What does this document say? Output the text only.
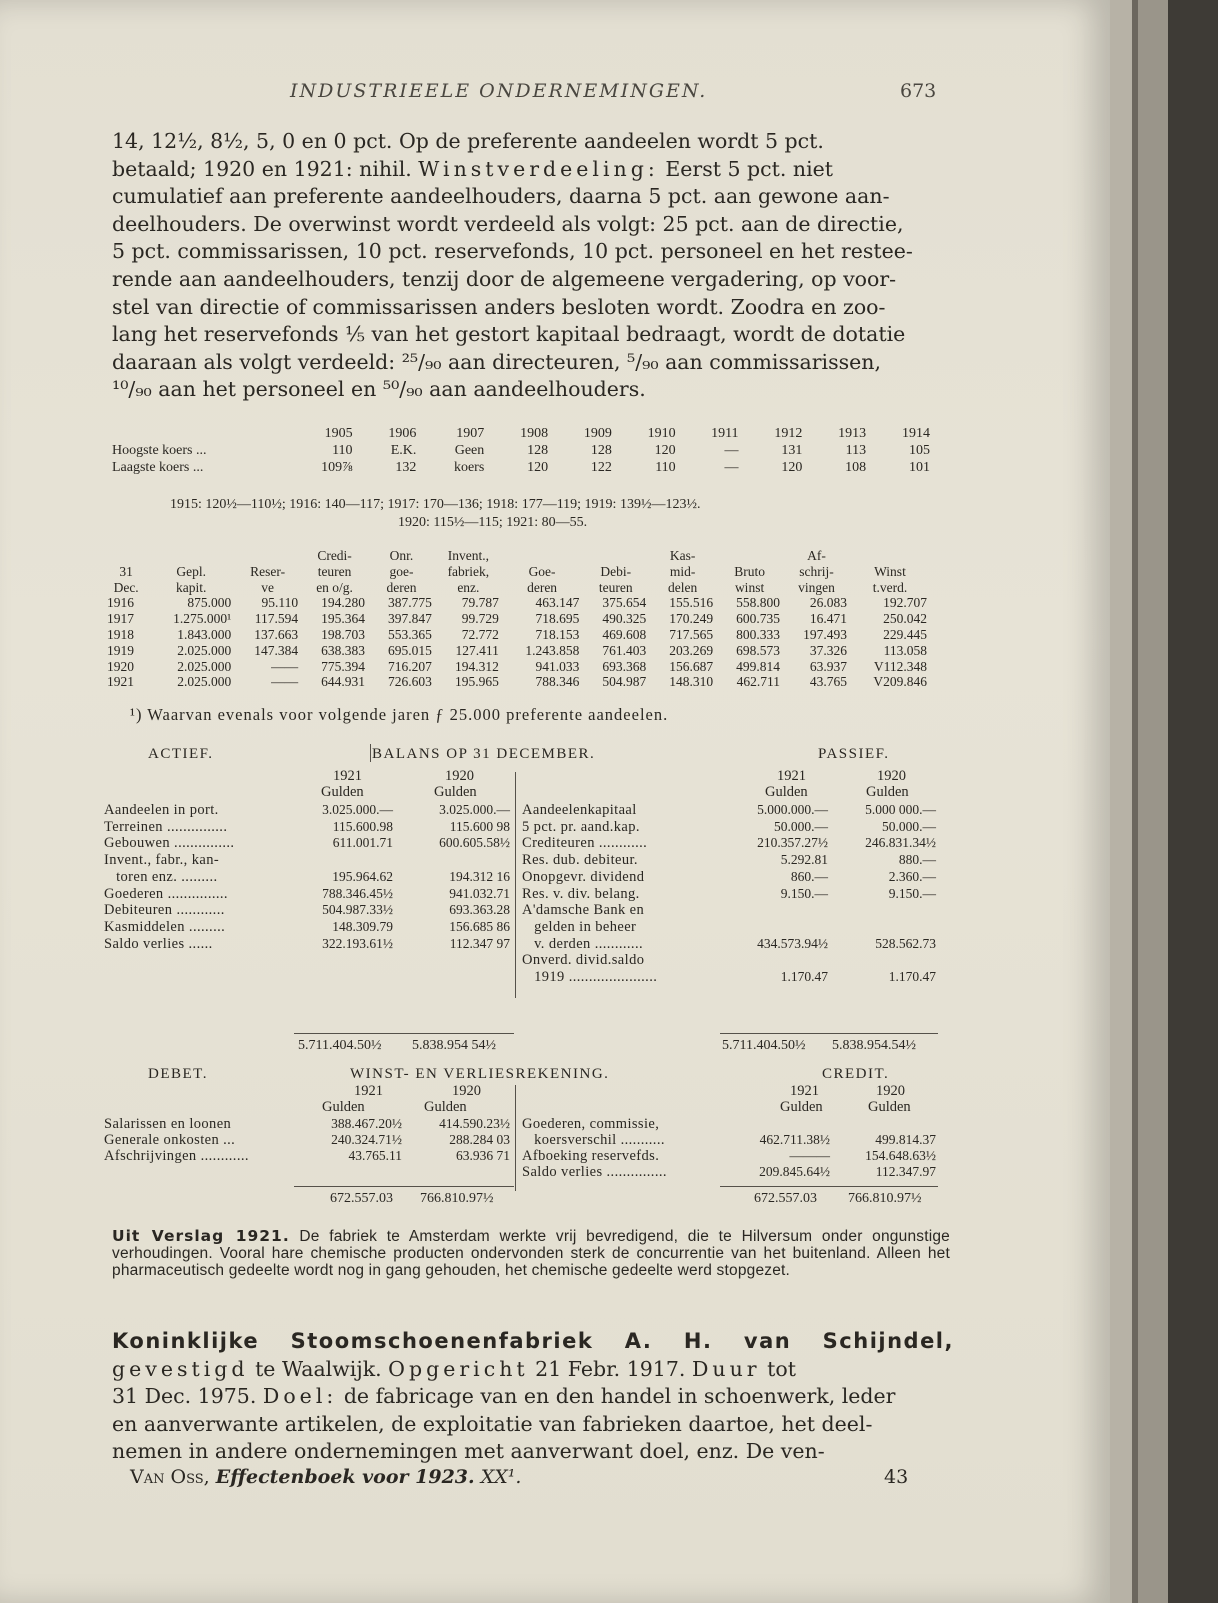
INDUSTRIEELE ONDERNEMINGEN.	673

14, 12½, 8½, 5, 0 en 0 pct. Op de preferente aandeelen wordt 5 pct.

betaald; 1920 en 1921: nihil. Winstverdeeling: Eerst 5 pct. niet

cumulatief aan preferente aandeelhouders, daarna 5 pct. aan gewone aan-

deelhouders. De overwinst wordt verdeeld als volgt: 25 pct. aan de directie,

5 pct. commissarissen, 10 pct. reservefonds, 10 pct. personeel en het restee-

rende aan aandeelhouders, tenzij door de algemeene vergadering, op voor-

stel van directie of commissarissen anders besloten wordt. Zoodra en zoo-

lang het reservefonds ⅕ van het gestort kapitaal bedraagt, wordt de dotatie

daaraan als volgt verdeeld: ²⁵/₉₀ aan directeuren, ⁵/₉₀ aan commissarissen,

¹⁰/₉₀ aan het personeel en ⁵⁰/₉₀ aan aandeelhouders.

	1905	1906	1907	1908	1909	1910	1911	1912	1913	1914
Hoogste koers ...	110	E.K.	Geen	128	128	120	—	131	113	105
Laagste koers ...	109⅞	132	koers	120	122	110	—	120	108	101
1915: 120½—110½; 1916: 140—117; 1917: 170—136; 1918: 177—119; 1919: 139½—123½.
1920: 115½—115; 1921: 80—55.
			Credi-	Onr.	Invent.,			Kas-		Af-	
31	Gepl.	Reser-	teuren	goe-	fabriek,	Goe-	Debi-	mid-	Bruto	schrij-	Winst
Dec.	kapit.	ve	en o/g.	deren	enz.	deren	teuren	delen	winst	vingen	t.verd.
1916	875.000	95.110	194.280	387.775	79.787	463.147	375.654	155.516	558.800	26.083	192.707
1917	1.275.000¹	117.594	195.364	397.847	99.729	718.695	490.325	170.249	600.735	16.471	250.042
1918	1.843.000	137.663	198.703	553.365	72.772	718.153	469.608	717.565	800.333	197.493	229.445
1919	2.025.000	147.384	638.383	695.015	127.411	1.243.858	761.403	203.269	698.573	37.326	113.058
1920	2.025.000	——	775.394	716.207	194.312	941.033	693.368	156.687	499.814	63.937	V112.348
1921	2.025.000	——	644.931	726.603	195.965	788.346	504.987	148.310	462.711	43.765	V209.846
¹) Waarvan evenals voor volgende jaren ƒ 25.000 preferente aandeelen.
ACTIEF.	BALANS OP 31 DECEMBER.	PASSIEF.
1921	1920
Gulden	Gulden
1921	1920
Gulden	Gulden
Aandeelen in port.	3.025.000.—	3.025.000.—
Terreinen ...............	115.600.98	115.600 98
Gebouwen ...............	611.001.71	600.605.58½
Invent., fabr., kan-
toren enz. .........	195.964.62	194.312 16
Goederen ...............	788.346.45½	941.032.71
Debiteuren ............	504.987.33½	693.363.28
Kasmiddelen .........	148.309.79	156.685 86
Saldo verlies ......	322.193.61½	112.347 97
Aandeelenkapitaal	5.000.000.—	5.000 000.—
5 pct. pr. aand.kap.	50.000.—	50.000.—
Crediteuren ............	210.357.27½	246.831.34½
Res. dub. debiteur.	5.292.81	880.—
Onopgevr. dividend	860.—	2.360.—
Res. v. div. belang.	9.150.—	9.150.—
A'damsche Bank en
gelden in beheer
v. derden ............	434.573.94½	528.562.73
Onverd. divid.saldo
1919 ......................	1.170.47	1.170.47
5.711.404.50½ 5.838.954 54½	5.711.404.50½ 5.838.954.54½
DEBET.	WINST- EN VERLIESREKENING.	CREDIT.
1921	1920
Gulden	Gulden
1921	1920
Gulden	Gulden
Salarissen en loonen	388.467.20½	414.590.23½
Generale onkosten ...	240.324.71½	288.284 03
Afschrijvingen ............	43.765.11	63.936 71
Goederen, commissie,
koersverschil ...........	462.711.38½	499.814.37
Afboeking reservefds.	———	154.648.63½
Saldo verlies ...............	209.845.64½	112.347.97
672.557.03 766.810.97½	672.557.03 766.810.97½
Uit Verslag 1921. De fabriek te Amsterdam werkte vrij bevredigend, die te Hilversum onder ongunstige verhoudingen. Vooral hare chemische producten ondervonden sterk de concurrentie van het buitenland. Alleen het pharmaceutisch gedeelte wordt nog in gang gehouden, het chemische gedeelte werd stopgezet.

Koninklijke Stoomschoenenfabriek A. H. van Schijndel, gevestigd te Waalwijk. Opgericht 21 Febr. 1917. Duur tot

31 Dec. 1975. Doel: de fabricage van en den handel in schoenwerk, leder

en aanverwante artikelen, de exploitatie van fabrieken daartoe, het deel-

nemen in andere ondernemingen met aanverwant doel, enz. De ven-

Van Oss, Effectenboek voor 1923. XX¹.	43
